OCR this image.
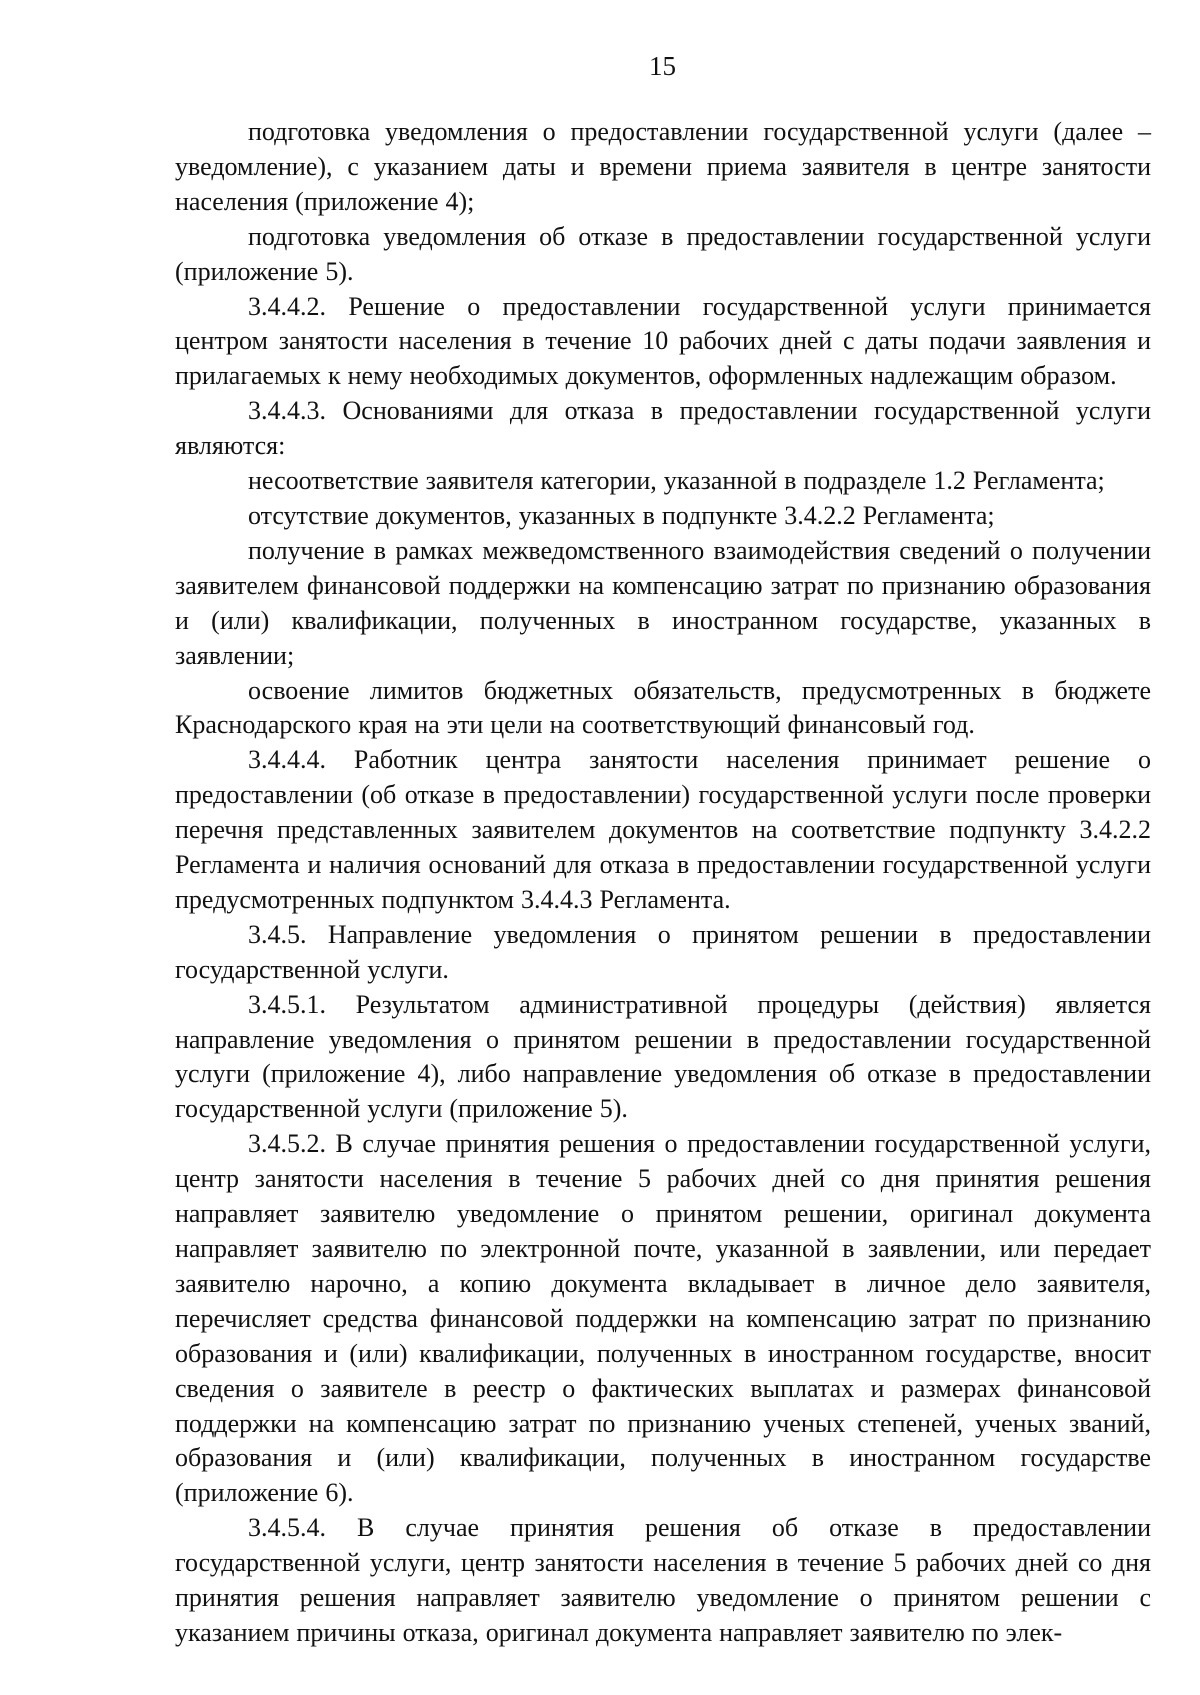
15

подготовка уведомления о предоставлении государственной услуги (далее – уведомление), с указанием даты и времени приема заявителя в центре занятости населения (приложение 4);

подготовка уведомления об отказе в предоставлении государственной услуги (приложение 5).

3.4.4.2. Решение о предоставлении государственной услуги принимается центром занятости населения в течение 10 рабочих дней с даты подачи заявления и прилагаемых к нему необходимых документов, оформленных надлежащим образом.

3.4.4.3. Основаниями для отказа в предоставлении государственной услуги являются:

несоответствие заявителя категории, указанной в подразделе 1.2 Регламента;

отсутствие документов, указанных в подпункте 3.4.2.2 Регламента;

получение в рамках межведомственного взаимодействия сведений о получении заявителем финансовой поддержки на компенсацию затрат по признанию образования и (или) квалификации, полученных в иностранном государстве, указанных в заявлении;

освоение лимитов бюджетных обязательств, предусмотренных в бюджете Краснодарского края на эти цели на соответствующий финансовый год.

3.4.4.4. Работник центра занятости населения принимает решение о предоставлении (об отказе в предоставлении) государственной услуги после проверки перечня представленных заявителем документов на соответствие подпункту 3.4.2.2 Регламента и наличия оснований для отказа в предоставлении государственной услуги предусмотренных подпунктом 3.4.4.3 Регламента.

3.4.5. Направление уведомления о принятом решении в предоставлении государственной услуги.

3.4.5.1. Результатом административной процедуры (действия) является направление уведомления о принятом решении в предоставлении государственной услуги (приложение 4), либо направление уведомления об отказе в предоставлении государственной услуги (приложение 5).

3.4.5.2. В случае принятия решения о предоставлении государственной услуги, центр занятости населения в течение 5 рабочих дней со дня принятия решения направляет заявителю уведомление о принятом решении, оригинал документа направляет заявителю по электронной почте, указанной в заявлении, или передает заявителю нарочно, а копию документа вкладывает в личное дело заявителя, перечисляет средства финансовой поддержки на компенсацию затрат по признанию образования и (или) квалификации, полученных в иностранном государстве, вносит сведения о заявителе в реестр о фактических выплатах и размерах финансовой поддержки на компенсацию затрат по признанию ученых степеней, ученых званий, образования и (или) квалификации, полученных в иностранном государстве (приложение 6).

3.4.5.4. В случае принятия решения об отказе в предоставлении государственной услуги, центр занятости населения в течение 5 рабочих дней со дня принятия решения направляет заявителю уведомление о принятом решении с указанием причины отказа, оригинал документа направляет заявителю по элек-
